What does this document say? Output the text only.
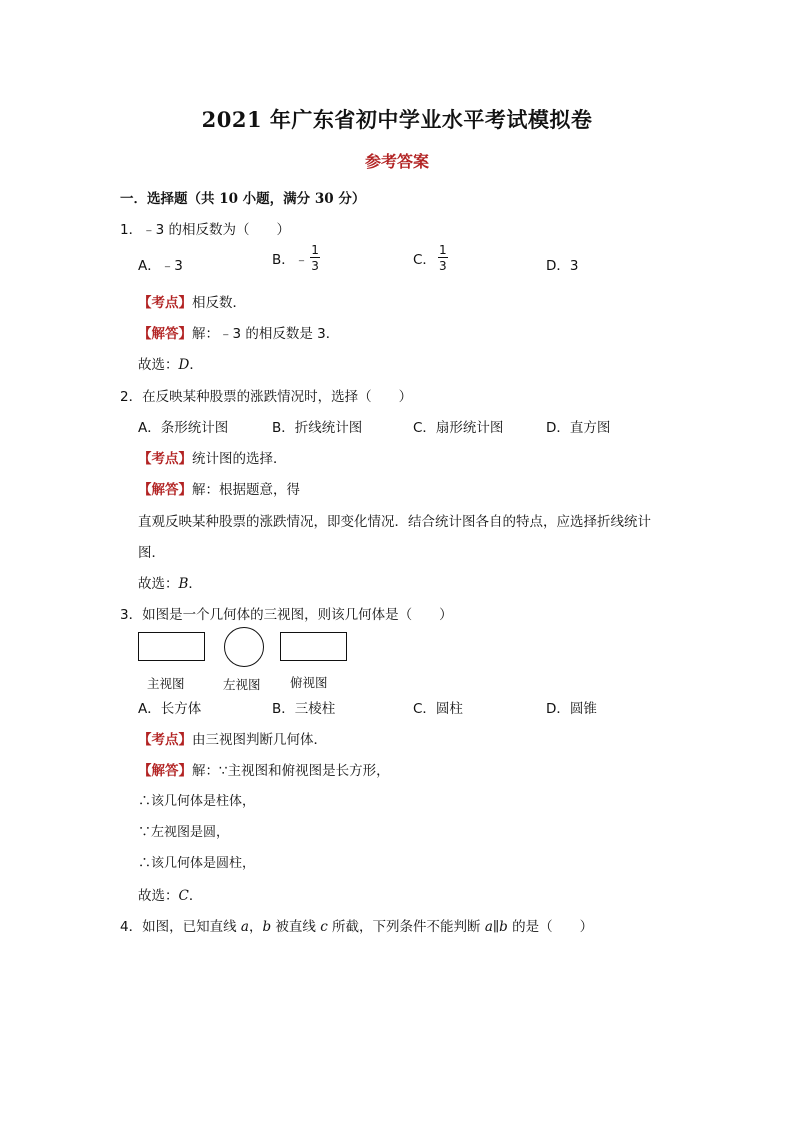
2021 年广东省初中学业水平考试模拟卷
参考答案
一．选择题（共 10 小题，满分 30 分）
1．﹣3 的相反数为（　　）
A．﹣3	B．﹣ $\frac{1}{3}$	C． $\frac{1}{3}$	D．3
【考点】相反数．
【解答】解：﹣3 的相反数是 3．
故选：D．
2．在反映某种股票的涨跌情况时，选择（　　）
A．条形统计图	B．折线统计图	C．扇形统计图	D．直方图
【考点】统计图的选择．
【解答】解：根据题意，得
直观反映某种股票的涨跌情况，即变化情况．结合统计图各自的特点，应选择折线统计
图．
故选：B．
3．如图是一个几何体的三视图，则该几何体是（　　）
主视图	左视图 俯视图
A．长方体	B．三棱柱	C．圆柱	D．圆锥
【考点】由三视图判断几何体．
【解答】解：∵主视图和俯视图是长方形，
∴该几何体是柱体，
∵左视图是圆，
∴该几何体是圆柱，
故选：C．
4．如图，已知直线 a，b 被直线 c 所截，下列条件不能判断 a∥b 的是（　　）
